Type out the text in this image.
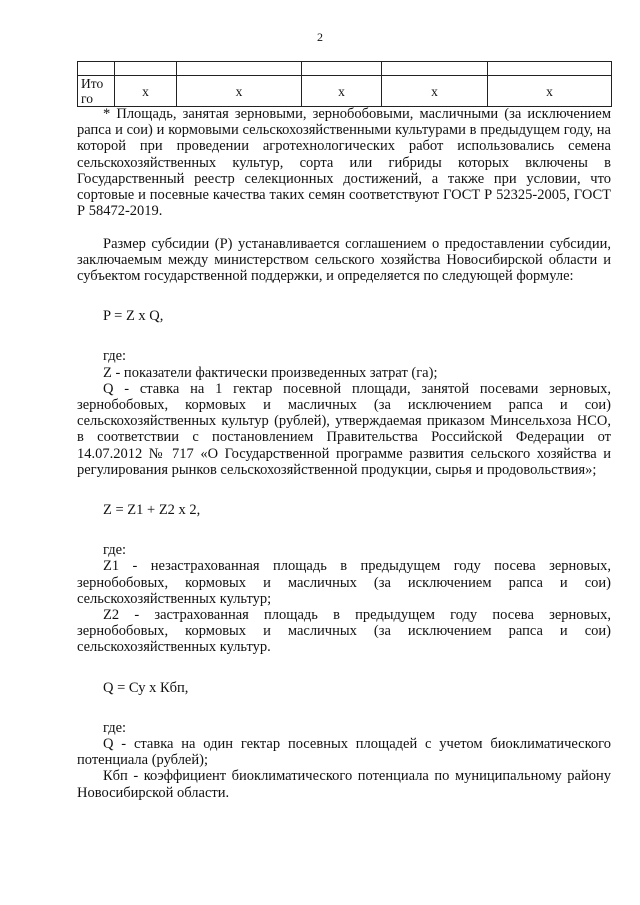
2

Ито го	х	х	х	х	х

* Площадь, занятая зерновыми, зернобобовыми, масличными (за исключением рапса и сои) и кормовыми сельскохозяйственными культурами в предыдущем году, на которой при проведении агротехнологических работ использовались семена сельскохозяйственных культур, сорта или гибриды которых включены в Государственный реестр селекционных достижений, а также при условии, что сортовые и посевные качества таких семян соответствуют ГОСТ Р 52325-2005, ГОСТ Р 58472-2019.

Размер субсидии (Р) устанавливается соглашением о предоставлении субсидии, заключаемым между министерством сельского хозяйства Новосибирской области и субъектом государственной поддержки, и определяется по следующей формуле:

P = Z х Q,

где:

Z - показатели фактически произведенных затрат (га);

Q - ставка на 1 гектар посевной площади, занятой посевами зерновых, зернобобовых, кормовых и масличных (за исключением рапса и сои) сельскохозяйственных культур (рублей), утверждаемая приказом Минсельхоза НСО, в соответствии с постановлением Правительства Российской Федерации от 14.07.2012 № 717 «О Государственной программе развития сельского хозяйства и регулирования рынков сельскохозяйственной продукции, сырья и продовольствия»;

Z = Z1 + Z2 х 2,

где:

Z1 - незастрахованная площадь в предыдущем году посева зерновых, зернобобовых, кормовых и масличных (за исключением рапса и сои) сельскохозяйственных культур;

Z2 - застрахованная площадь в предыдущем году посева зерновых, зернобобовых, кормовых и масличных (за исключением рапса и сои) сельскохозяйственных культур.

Q = Су х Кбп,

где:

Q - ставка на один гектар посевных площадей с учетом биоклиматического потенциала (рублей);

Кбп - коэффициент биоклиматического потенциала по муниципальному району Новосибирской области.
